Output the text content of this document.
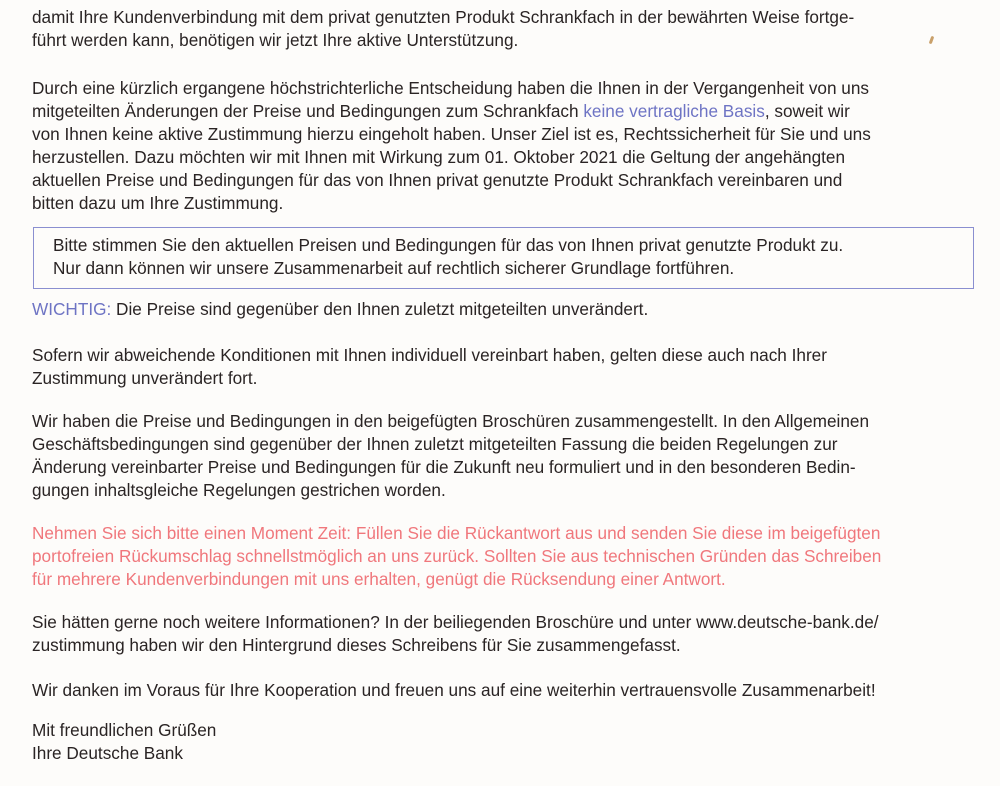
damit Ihre Kundenverbindung mit dem privat genutzten Produkt Schrankfach in der bewährten Weise fortge-
führt werden kann, benötigen wir jetzt Ihre aktive Unterstützung.

Durch eine kürzlich ergangene höchstrichterliche Entscheidung haben die Ihnen in der Vergangenheit von uns
mitgeteilten Änderungen der Preise und Bedingungen zum Schrankfach keine vertragliche Basis, soweit wir
von Ihnen keine aktive Zustimmung hierzu eingeholt haben. Unser Ziel ist es, Rechtssicherheit für Sie und uns
herzustellen. Dazu möchten wir mit Ihnen mit Wirkung zum 01. Oktober 2021 die Geltung der angehängten
aktuellen Preise und Bedingungen für das von Ihnen privat genutzte Produkt Schrankfach vereinbaren und
bitten dazu um Ihre Zustimmung.

Bitte stimmen Sie den aktuellen Preisen und Bedingungen für das von Ihnen privat genutzte Produkt zu.
Nur dann können wir unsere Zusammenarbeit auf rechtlich sicherer Grundlage fortführen.

WICHTIG: Die Preise sind gegenüber den Ihnen zuletzt mitgeteilten unverändert.

Sofern wir abweichende Konditionen mit Ihnen individuell vereinbart haben, gelten diese auch nach Ihrer
Zustimmung unverändert fort.

Wir haben die Preise und Bedingungen in den beigefügten Broschüren zusammengestellt. In den Allgemeinen
Geschäftsbedingungen sind gegenüber der Ihnen zuletzt mitgeteilten Fassung die beiden Regelungen zur
Änderung vereinbarter Preise und Bedingungen für die Zukunft neu formuliert und in den besonderen Bedin-
gungen inhaltsgleiche Regelungen gestrichen worden.

Nehmen Sie sich bitte einen Moment Zeit: Füllen Sie die Rückantwort aus und senden Sie diese im beigefügten
portofreien Rückumschlag schnellstmöglich an uns zurück. Sollten Sie aus technischen Gründen das Schreiben
für mehrere Kundenverbindungen mit uns erhalten, genügt die Rücksendung einer Antwort.

Sie hätten gerne noch weitere Informationen? In der beiliegenden Broschüre und unter www.deutsche-bank.de/
zustimmung haben wir den Hintergrund dieses Schreibens für Sie zusammengefasst.

Wir danken im Voraus für Ihre Kooperation und freuen uns auf eine weiterhin vertrauensvolle Zusammenarbeit!

Mit freundlichen Grüßen
Ihre Deutsche Bank
